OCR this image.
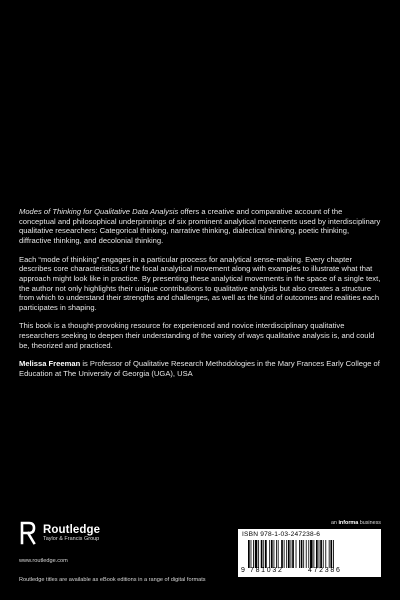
Modes of Thinking for Qualitative Data Analysis offers a creative and comparative account of the conceptual and philosophical underpinnings of six prominent analytical movements used by interdisciplinary qualitative researchers: Categorical thinking, narrative thinking, dialectical thinking, poetic thinking, diffractive thinking, and decolonial thinking.

Each “mode of thinking” engages in a particular process for analytical sense-making. Every chapter describes core characteristics of the focal analytical movement along with examples to illustrate what that approach might look like in practice. By presenting these analytical movements in the space of a single text, the author not only highlights their unique contributions to qualitative analysis but also creates a structure from which to understand their strengths and challenges, as well as the kind of outcomes and realities each participates in shaping.

This book is a thought-provoking resource for experienced and novice interdisciplinary qualitative researchers seeking to deepen their understanding of the variety of ways qualitative analysis is, and could be, theorized and practiced.

Melissa Freeman is Professor of Qualitative Research Methodologies in the Mary Frances Early College of Education at The University of Georgia (UGA), USA

Routledge
Taylor & Francis Group
www.routledge.com
Routledge titles are available as eBook editions in a range of digital formats
an informa business
ISBN 978-1-03-247238-6
9 781032	472386
